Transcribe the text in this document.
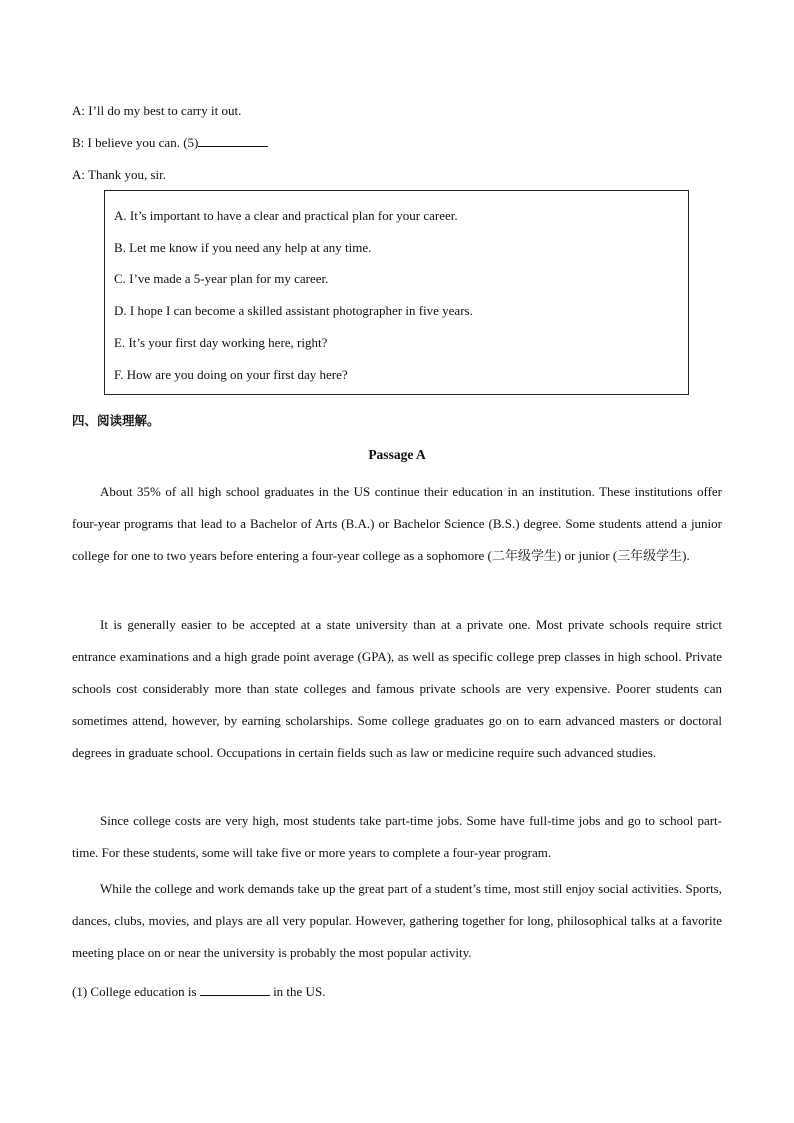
A: I’ll do my best to carry it out.
B: I believe you can. (5)
A: Thank you, sir.
A. It’s important to have a clear and practical plan for your career.
B. Let me know if you need any help at any time.
C. I’ve made a 5-year plan for my career.
D. I hope I can become a skilled assistant photographer in five years.
E. It’s your first day working here, right?
F. How are you doing on your first day here?
四、阅读理解。
Passage A

About 35% of all high school graduates in the US continue their education in an institution. These institutions offer four-year programs that lead to a Bachelor of Arts (B.A.) or Bachelor Science (B.S.) degree. Some students attend a junior college for one to two years before entering a four-year college as a sophomore (二年级学生) or junior (三年级学生).

It is generally easier to be accepted at a state university than at a private one. Most private schools require strict entrance examinations and a high grade point average (GPA), as well as specific college prep classes in high school. Private schools cost considerably more than state colleges and famous private schools are very expensive. Poorer students can sometimes attend, however, by earning scholarships. Some college graduates go on to earn advanced masters or doctoral degrees in graduate school. Occupations in certain fields such as law or medicine require such advanced studies.

Since college costs are very high, most students take part-time jobs. Some have full-time jobs and go to school part-time. For these students, some will take five or more years to complete a four-year program.

While the college and work demands take up the great part of a student’s time, most still enjoy social activities. Sports, dances, clubs, movies, and plays are all very popular. However, gathering together for long, philosophical talks at a favorite meeting place on or near the university is probably the most popular activity.

(1) College education is	in the US.
